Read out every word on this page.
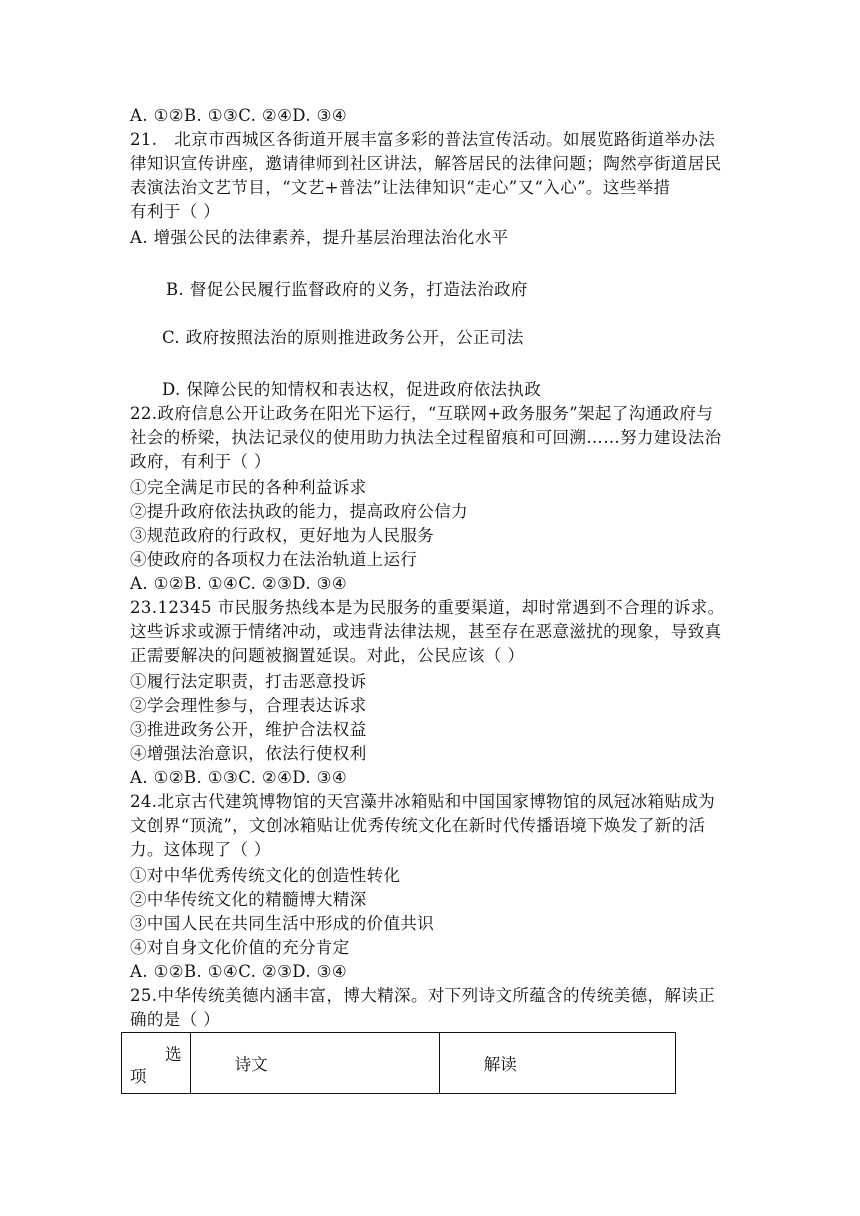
A. ①②B. ①③C. ②④D. ③④
21.　北京市西城区各街道开展丰富多彩的普法宣传活动。如展览路街道举办法
律知识宣传讲座，邀请律师到社区讲法，解答居民的法律问题；陶然亭街道居民
表演法治文艺节目，“文艺+普法”让法律知识“走心”又“入心”。这些举措
有利于（ ）
A. 增强公民的法律素养，提升基层治理法治化水平
B. 督促公民履行监督政府的义务，打造法治政府
C. 政府按照法治的原则推进政务公开，公正司法
D. 保障公民的知情权和表达权，促进政府依法执政
22.政府信息公开让政务在阳光下运行，“互联网+政务服务”架起了沟通政府与
社会的桥梁，执法记录仪的使用助力执法全过程留痕和可回溯……努力建设法治
政府，有利于（ ）
①完全满足市民的各种利益诉求
②提升政府依法执政的能力，提高政府公信力
③规范政府的行政权，更好地为人民服务
④使政府的各项权力在法治轨道上运行
A. ①②B. ①④C. ②③D. ③④
23.12345 市民服务热线本是为民服务的重要渠道，却时常遇到不合理的诉求。
这些诉求或源于情绪冲动，或违背法律法规，甚至存在恶意滋扰的现象，导致真
正需要解决的问题被搁置延误。对此，公民应该（ ）
①履行法定职责，打击恶意投诉
②学会理性参与，合理表达诉求
③推进政务公开，维护合法权益
④增强法治意识，依法行使权利
A. ①②B. ①③C. ②④D. ③④
24.北京古代建筑博物馆的天宫藻井冰箱贴和中国国家博物馆的凤冠冰箱贴成为
文创界“顶流”，文创冰箱贴让优秀传统文化在新时代传播语境下焕发了新的活
力。这体现了（ ）
①对中华优秀传统文化的创造性转化
②中华传统文化的精髓博大精深
③中国人民在共同生活中形成的价值共识
④对自身文化价值的充分肯定
A. ①②B. ①④C. ②③D. ③④
25.中华传统美德内涵丰富，博大精深。对下列诗文所蕴含的传统美德，解读正
确的是（ ）
选
项
	诗文	解读
